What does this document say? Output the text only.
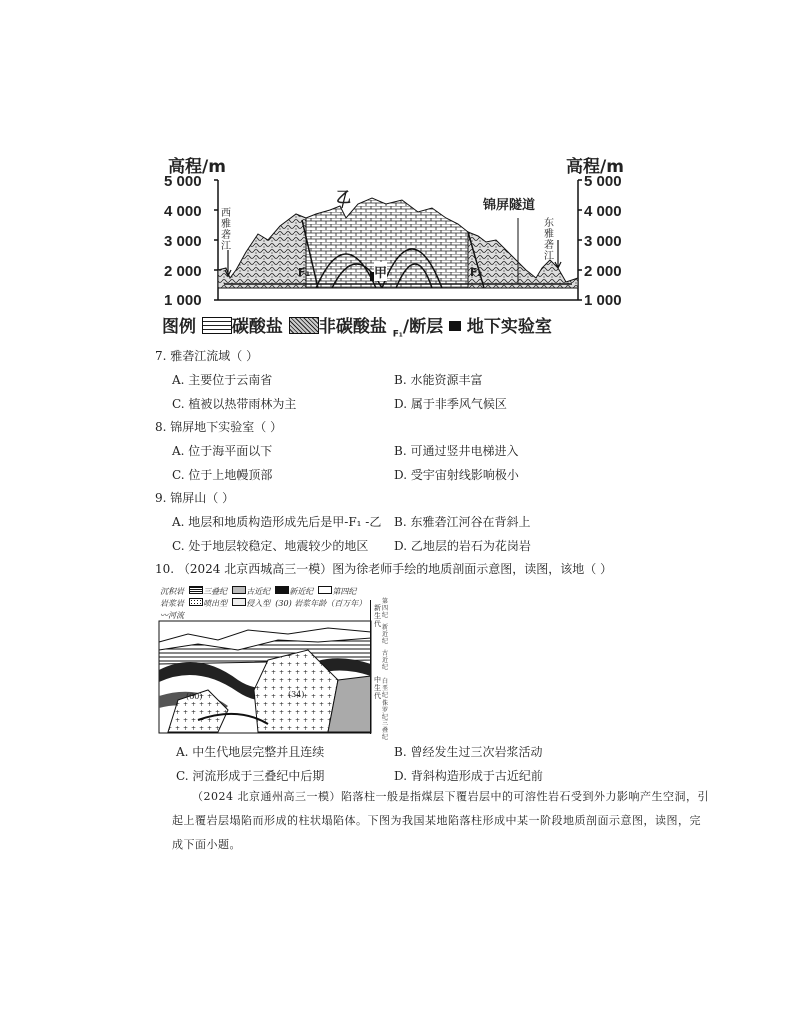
高程/m	高程/m
5 000
4 000
3 000
2 000
1 000
5 000
4 000
3 000
2 000
1 000
乙
甲
F₁	F₂
锦屏隧道
西雅砻江
东雅砻江
图例 碳酸盐 非碳酸盐 $_{F_1}$/断层 地下实验室
7. 雅砻江流域（ ）
A. 主要位于云南省	B. 水能资源丰富
C. 植被以热带雨林为主	D. 属于非季风气候区
8. 锦屏地下实验室（ ）
A. 位于海平面以下	B. 可通过竖井电梯进入
C. 位于上地幔顶部	D. 受宇宙射线影响极小
9. 锦屏山（ ）
A. 地层和地质构造形成先后是甲-F₁ -乙 B. 东雅砻江河谷在背斜上
C. 处于地层较稳定、地震较少的地区 D. 乙地层的岩石为花岗岩
10. （2024 北京西城高三一模）图为徐老师手绘的地质剖面示意图，读图，该地（ ）
沉积岩 三叠纪 古近纪 新近纪 第四纪
岩浆岩 喷出型 侵入型 (30) 岩浆年龄（百万年）
〰河流
(60)	(34)
新生代
第四纪
新近纪
古近纪
中生代
白垩纪
侏罗纪
三叠纪
A. 中生代地层完整并且连续	B. 曾经发生过三次岩浆活动
C. 河流形成于三叠纪中后期	D. 背斜构造形成于古近纪前
（2024 北京通州高三一模）陷落柱一般是指煤层下覆岩层中的可溶性岩石受到外力影响产生空洞，引
起上覆岩层塌陷而形成的柱状塌陷体。下图为我国某地陷落柱形成中某一阶段地质剖面示意图，读图，完
成下面小题。
